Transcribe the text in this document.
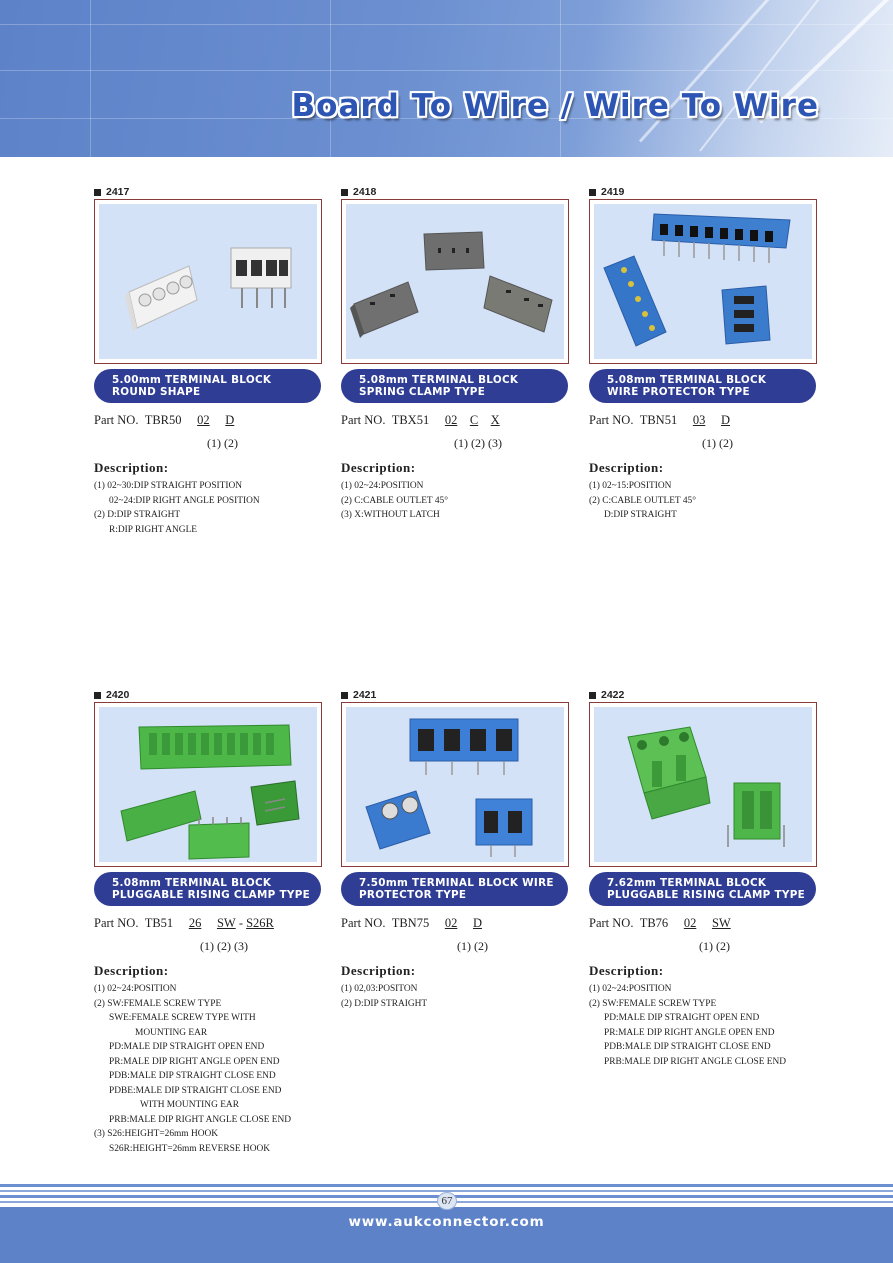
Board To Wire / Wire To Wire
2417
5.00mm TERMINAL BLOCK
ROUND SHAPE
Part NO. TBR50 02 D
(1) (2)
Description:
(1) 02~30:DIP STRAIGHT POSITION
02~24:DIP RIGHT ANGLE POSITION
(2) D:DIP STRAIGHT
R:DIP RIGHT ANGLE
2418
5.08mm TERMINAL BLOCK
SPRING CLAMP TYPE
Part NO. TBX51 02 C X
(1) (2) (3)
Description:
(1) 02~24:POSITION
(2) C:CABLE OUTLET 45°
(3) X:WITHOUT LATCH
2419
5.08mm TERMINAL BLOCK
WIRE PROTECTOR TYPE
Part NO. TBN51 03 D
(1) (2)
Description:
(1) 02~15:POSITION
(2) C:CABLE OUTLET 45°
D:DIP STRAIGHT
2420
5.08mm TERMINAL BLOCK
PLUGGABLE RISING CLAMP TYPE
Part NO. TB51 26 SW - S26R
(1) (2) (3)
Description:
(1) 02~24:POSITION
(2) SW:FEMALE SCREW TYPE
SWE:FEMALE SCREW TYPE WITH
MOUNTING EAR
PD:MALE DIP STRAIGHT OPEN END
PR:MALE DIP RIGHT ANGLE OPEN END
PDB:MALE DIP STRAIGHT CLOSE END
PDBE:MALE DIP STRAIGHT CLOSE END
WITH MOUNTING EAR
PRB:MALE DIP RIGHT ANGLE CLOSE END
(3) S26:HEIGHT=26mm HOOK
S26R:HEIGHT=26mm REVERSE HOOK
2421
7.50mm TERMINAL BLOCK WIRE
PROTECTOR TYPE
Part NO. TBN75 02 D
(1) (2)
Description:
(1) 02,03:POSITON
(2) D:DIP STRAIGHT
2422
7.62mm TERMINAL BLOCK
PLUGGABLE RISING CLAMP TYPE
Part NO. TB76 02 SW
(1) (2)
Description:
(1) 02~24:POSITION
(2) SW:FEMALE SCREW TYPE
PD:MALE DIP STRAIGHT OPEN END
PR:MALE DIP RIGHT ANGLE OPEN END
PDB:MALE DIP STRAIGHT CLOSE END
PRB:MALE DIP RIGHT ANGLE CLOSE END
67
www.aukconnector.com
